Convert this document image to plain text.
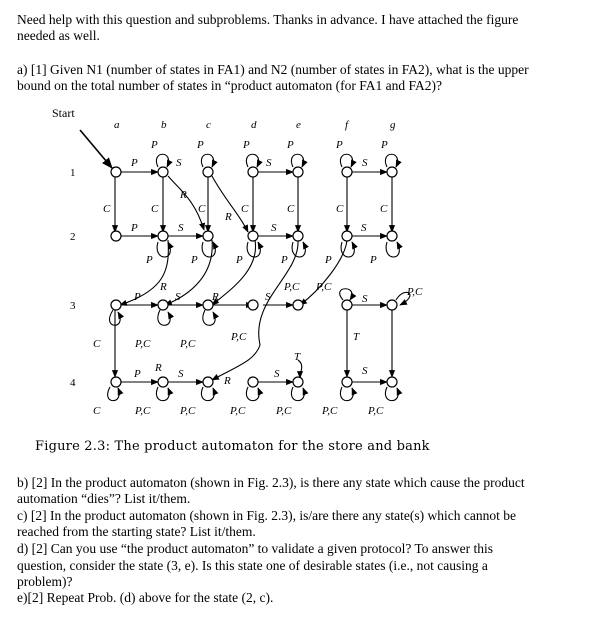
Need help with this question and subproblems. Thanks in advance. I have attached the figure
needed as well.
a) [1] Given N1 (number of states in FA1) and N2 (number of states in FA2), what is the upper
bound on the total number of states in “product automaton (for FA1 and FA2)?
Start
a	b	c	d	e	f	g
1
2
3
4
P	S
P	P	P	P	P	P
S	S
C	C	C	C	C	C	C
R
R
P	S	S	S
P	P	P	P	P	P
P	S	R	S
R	P,C P,C	P,C
S
C	P,C	P,C
P,C	T
P R S
R
S
T
S
C	P,C	P,C	P,C	P,C	P,C	P,C
Figure 2.3: The product automaton for the store and bank
b) [2] In the product automaton (shown in Fig. 2.3), is there any state which cause the product
automation “dies”? List it/them.
c) [2] In the product automaton (shown in Fig. 2.3), is/are there any state(s) which cannot be
reached from the starting state? List it/them.
d) [2] Can you use “the product automaton” to validate a given protocol? To answer this
question, consider the state (3, e). Is this state one of desirable states (i.e., not causing a
problem)?
e)[2] Repeat Prob. (d) above for the state (2, c).
